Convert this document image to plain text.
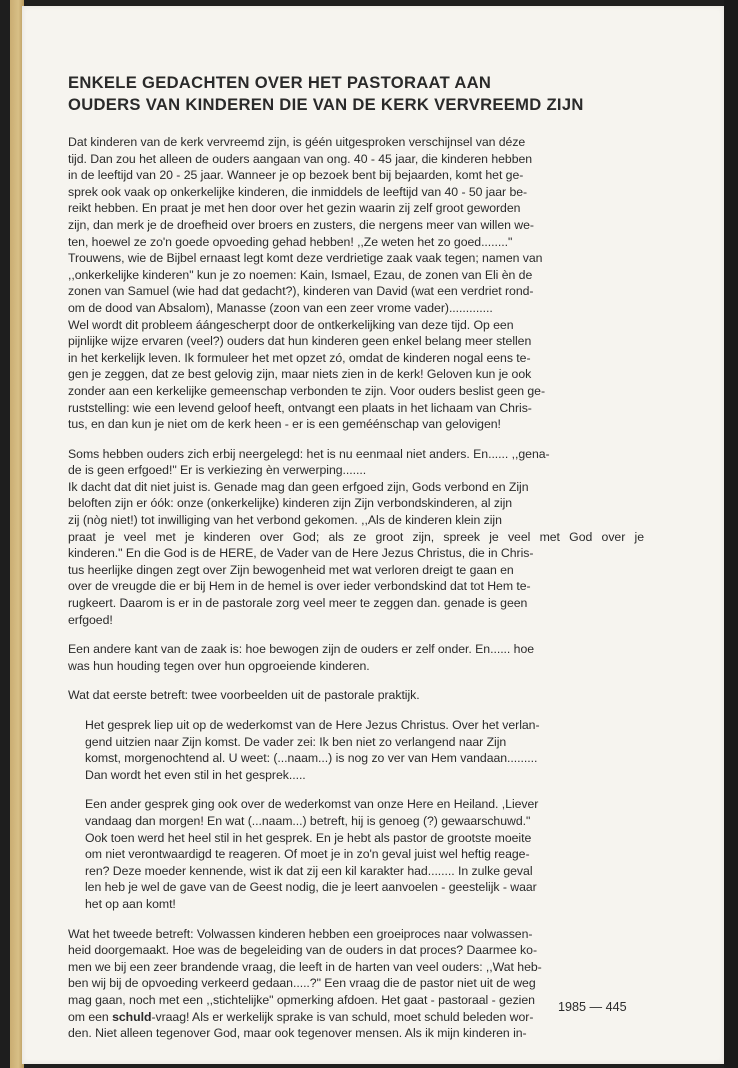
ENKELE GEDACHTEN OVER HET PASTORAAT AAN
OUDERS VAN KINDEREN DIE VAN DE KERK VERVREEMD ZIJN
Dat kinderen van de kerk vervreemd zijn, is géén uitgesproken verschijnsel van déze
tijd. Dan zou het alleen de ouders aangaan van ong. 40 - 45 jaar, die kinderen hebben
in de leeftijd van 20 - 25 jaar. Wanneer je op bezoek bent bij bejaarden, komt het ge-
sprek ook vaak op onkerkelijke kinderen, die inmiddels de leeftijd van 40 - 50 jaar be-
reikt hebben. En praat je met hen door over het gezin waarin zij zelf groot geworden
zijn, dan merk je de droefheid over broers en zusters, die nergens meer van willen we-
ten, hoewel ze zo'n goede opvoeding gehad hebben! ,,Ze weten het zo goed........"
Trouwens, wie de Bijbel ernaast legt komt deze verdrietige zaak vaak tegen; namen van
,,onkerkelijke kinderen" kun je zo noemen: Kain, Ismael, Ezau, de zonen van Eli èn de
zonen van Samuel (wie had dat gedacht?), kinderen van David (wat een verdriet rond-
om de dood van Absalom), Manasse (zoon van een zeer vrome vader).............
Wel wordt dit probleem áángescherpt door de ontkerkelijking van deze tijd. Op een
pijnlijke wijze ervaren (veel?) ouders dat hun kinderen geen enkel belang meer stellen
in het kerkelijk leven. Ik formuleer het met opzet zó, omdat de kinderen nogal eens te-
gen je zeggen, dat ze best gelovig zijn, maar niets zien in de kerk! Geloven kun je ook
zonder aan een kerkelijke gemeenschap verbonden te zijn. Voor ouders beslist geen ge-
ruststelling: wie een levend geloof heeft, ontvangt een plaats in het lichaam van Chris-
tus, en dan kun je niet om de kerk heen - er is een geméénschap van gelovigen!
Soms hebben ouders zich erbij neergelegd: het is nu eenmaal niet anders. En...... ,,gena-
de is geen erfgoed!" Er is verkiezing èn verwerping.......
Ik dacht dat dit niet juist is. Genade mag dan geen erfgoed zijn, Gods verbond en Zijn
beloften zijn er óók: onze (onkerkelijke) kinderen zijn Zijn verbondskinderen, al zijn
zij (nòg niet!) tot inwilliging van het verbond gekomen. ,,Als de kinderen klein zijn
praat je veel met je kinderen over God; als ze groot zijn, spreek je veel met God over je
kinderen." En die God is de HERE, de Vader van de Here Jezus Christus, die in Chris-
tus heerlijke dingen zegt over Zijn bewogenheid met wat verloren dreigt te gaan en
over de vreugde die er bij Hem in de hemel is over ieder verbondskind dat tot Hem te-
rugkeert. Daarom is er in de pastorale zorg veel meer te zeggen dan. genade is geen
erfgoed!
Een andere kant van de zaak is: hoe bewogen zijn de ouders er zelf onder. En...... hoe
was hun houding tegen over hun opgroeiende kinderen.
Wat dat eerste betreft: twee voorbeelden uit de pastorale praktijk.
Het gesprek liep uit op de wederkomst van de Here Jezus Christus. Over het verlan-
gend uitzien naar Zijn komst. De vader zei: Ik ben niet zo verlangend naar Zijn
komst, morgenochtend al. U weet: (...naam...) is nog zo ver van Hem vandaan.........
Dan wordt het even stil in het gesprek.....
Een ander gesprek ging ook over de wederkomst van onze Here en Heiland. ,Liever
vandaag dan morgen! En wat (...naam...) betreft, hij is genoeg (?) gewaarschuwd."
Ook toen werd het heel stil in het gesprek. En je hebt als pastor de grootste moeite
om niet verontwaardigd te reageren. Of moet je in zo'n geval juist wel heftig reage-
ren? Deze moeder kennende, wist ik dat zij een kil karakter had........ In zulke geval
len heb je wel de gave van de Geest nodig, die je leert aanvoelen - geestelijk - waar
het op aan komt!
Wat het tweede betreft: Volwassen kinderen hebben een groeiproces naar volwassen-
heid doorgemaakt. Hoe was de begeleiding van de ouders in dat proces? Daarmee ko-
men we bij een zeer brandende vraag, die leeft in de harten van veel ouders: ,,Wat heb-
ben wij bij de opvoeding verkeerd gedaan.....?" Een vraag die de pastor niet uit de weg
mag gaan, noch met een ,,stichtelijke" opmerking afdoen. Het gaat - pastoraal - gezien
om een schuld-vraag! Als er werkelijk sprake is van schuld, moet schuld beleden wor-
den. Niet alleen tegenover God, maar ook tegenover mensen. Als ik mijn kinderen in-
1985 — 445
